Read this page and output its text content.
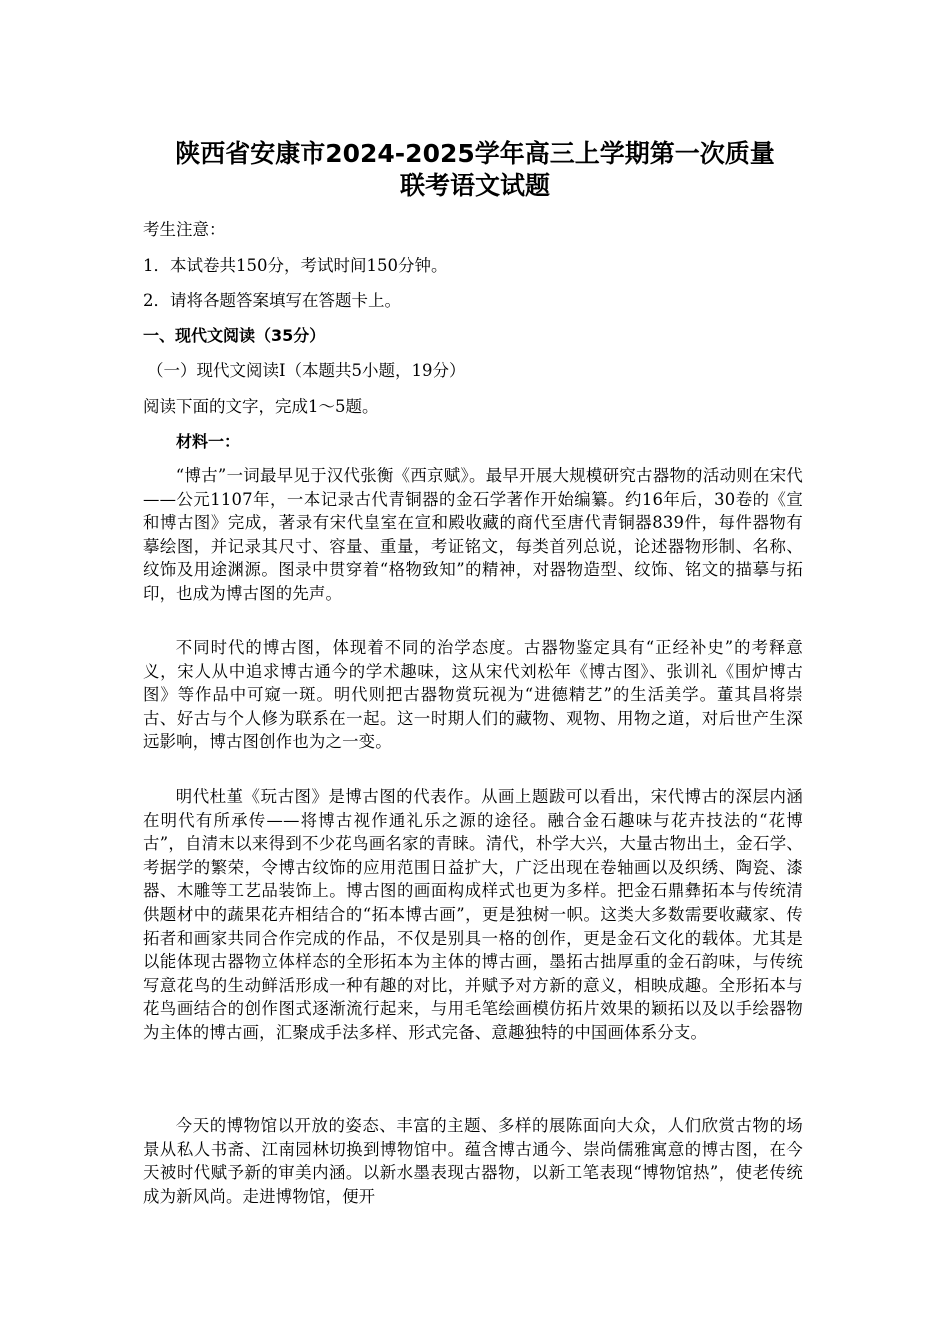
陕西省安康市2024-2025学年高三上学期第一次质量
联考语文试题

考生注意：

1．本试卷共150分，考试时间150分钟。

2．请将各题答案填写在答题卡上。

一、现代文阅读（35分）

（一）现代文阅读Ⅰ（本题共5小题，19分）

阅读下面的文字，完成1～5题。

材料一：

“博古”一词最早见于汉代张衡《西京赋》。最早开展大规模研究古器物的活动则在宋代——公元1107年，一本记录古代青铜器的金石学著作开始编纂。约16年后，30卷的《宣和博古图》完成，著录有宋代皇室在宣和殿收藏的商代至唐代青铜器839件，每件器物有摹绘图，并记录其尺寸、容量、重量，考证铭文，每类首列总说，论述器物形制、名称、纹饰及用途渊源。图录中贯穿着“格物致知”的精神，对器物造型、纹饰、铭文的描摹与拓印，也成为博古图的先声。

不同时代的博古图，体现着不同的治学态度。古器物鉴定具有“正经补史”的考释意义，宋人从中追求博古通今的学术趣味，这从宋代刘松年《博古图》、张训礼《围炉博古图》等作品中可窥一斑。明代则把古器物赏玩视为“进德精艺”的生活美学。董其昌将崇古、好古与个人修为联系在一起。这一时期人们的藏物、观物、用物之道，对后世产生深远影响，博古图创作也为之一变。

明代杜堇《玩古图》是博古图的代表作。从画上题跋可以看出，宋代博古的深层内涵在明代有所承传——将博古视作通礼乐之源的途径。融合金石趣味与花卉技法的“花博古”，自清末以来得到不少花鸟画名家的青睐。清代，朴学大兴，大量古物出土，金石学、考据学的繁荣，令博古纹饰的应用范围日益扩大，广泛出现在卷轴画以及织绣、陶瓷、漆器、木雕等工艺品装饰上。博古图的画面构成样式也更为多样。把金石鼎彝拓本与传统清供题材中的蔬果花卉相结合的“拓本博古画”，更是独树一帜。这类大多数需要收藏家、传拓者和画家共同合作完成的作品，不仅是别具一格的创作，更是金石文化的载体。尤其是以能体现古器物立体样态的全形拓本为主体的博古画，墨拓古拙厚重的金石韵味，与传统写意花鸟的生动鲜活形成一种有趣的对比，并赋予对方新的意义，相映成趣。全形拓本与花鸟画结合的创作图式逐渐流行起来，与用毛笔绘画模仿拓片效果的颖拓以及以手绘器物为主体的博古画，汇聚成手法多样、形式完备、意趣独特的中国画体系分支。

今天的博物馆以开放的姿态、丰富的主题、多样的展陈面向大众，人们欣赏古物的场景从私人书斋、江南园林切换到博物馆中。蕴含博古通今、崇尚儒雅寓意的博古图，在今天被时代赋予新的审美内涵。以新水墨表现古器物，以新工笔表现“博物馆热”，使老传统成为新风尚。走进博物馆，便开
